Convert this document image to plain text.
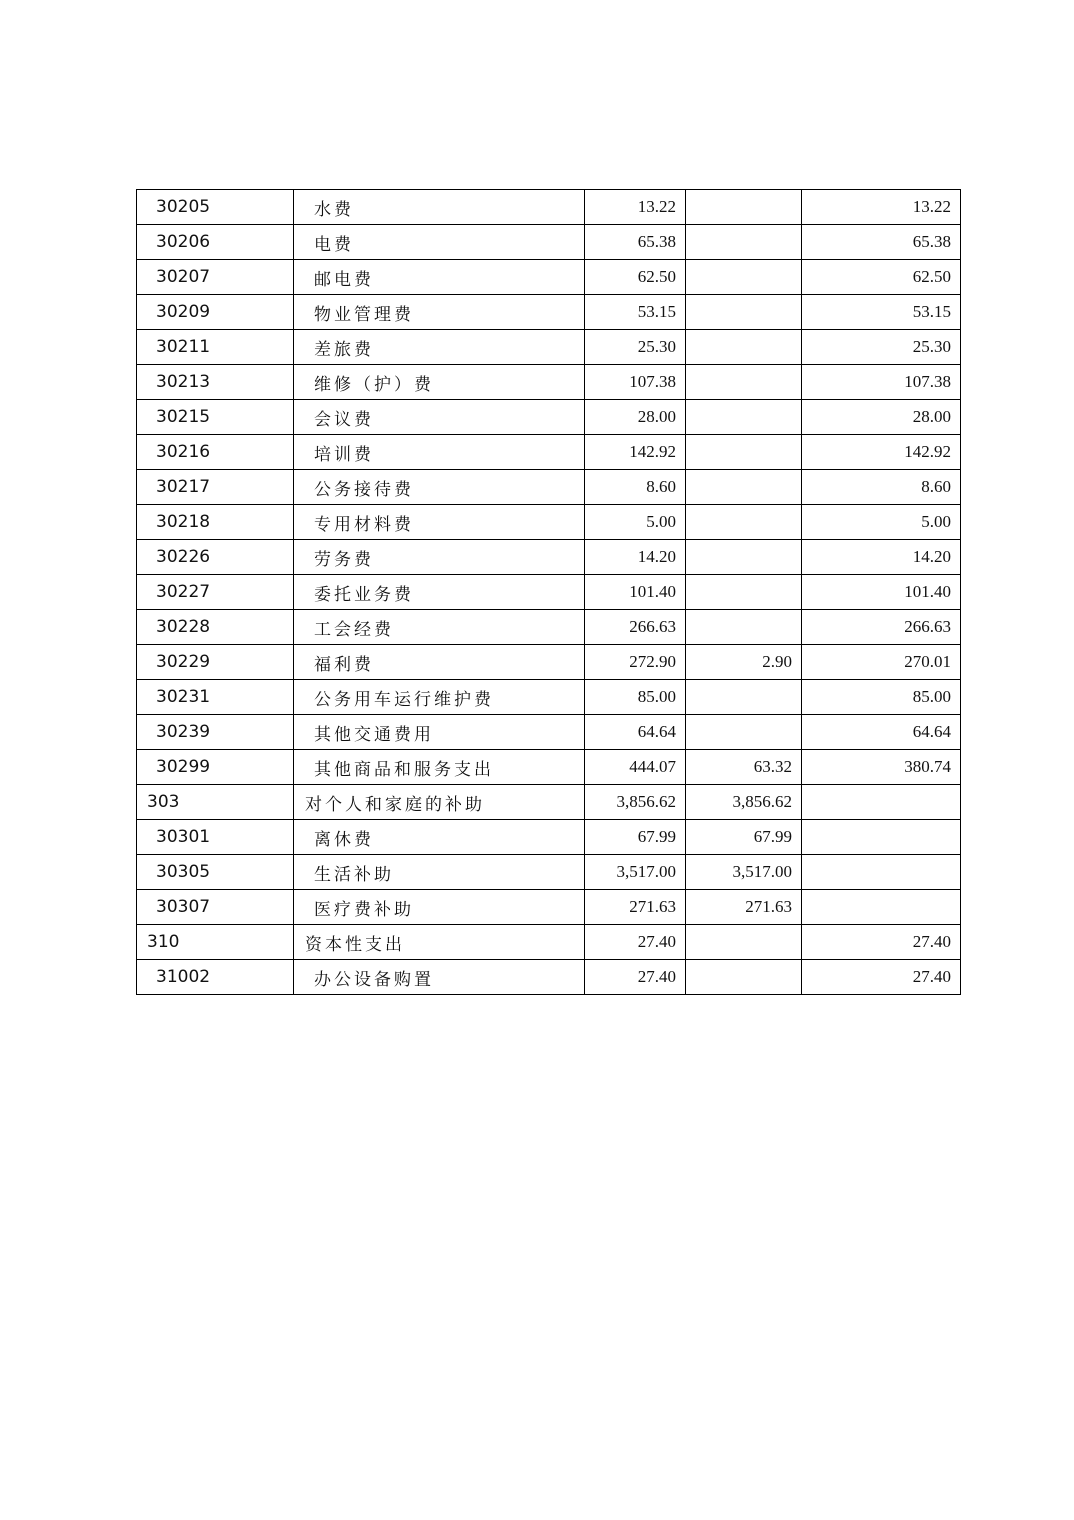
30205	水费	13.22		13.22
30206	电费	65.38		65.38
30207	邮电费	62.50		62.50
30209	物业管理费	53.15		53.15
30211	差旅费	25.30		25.30
30213	维修（护）费	107.38		107.38
30215	会议费	28.00		28.00
30216	培训费	142.92		142.92
30217	公务接待费	8.60		8.60
30218	专用材料费	5.00		5.00
30226	劳务费	14.20		14.20
30227	委托业务费	101.40		101.40
30228	工会经费	266.63		266.63
30229	福利费	272.90	2.90	270.01
30231	公务用车运行维护费	85.00		85.00
30239	其他交通费用	64.64		64.64
30299	其他商品和服务支出	444.07	63.32	380.74
303	对个人和家庭的补助	3,856.62	3,856.62	
30301	离休费	67.99	67.99	
30305	生活补助	3,517.00	3,517.00	
30307	医疗费补助	271.63	271.63	
310	资本性支出	27.40		27.40
31002	办公设备购置	27.40		27.40
